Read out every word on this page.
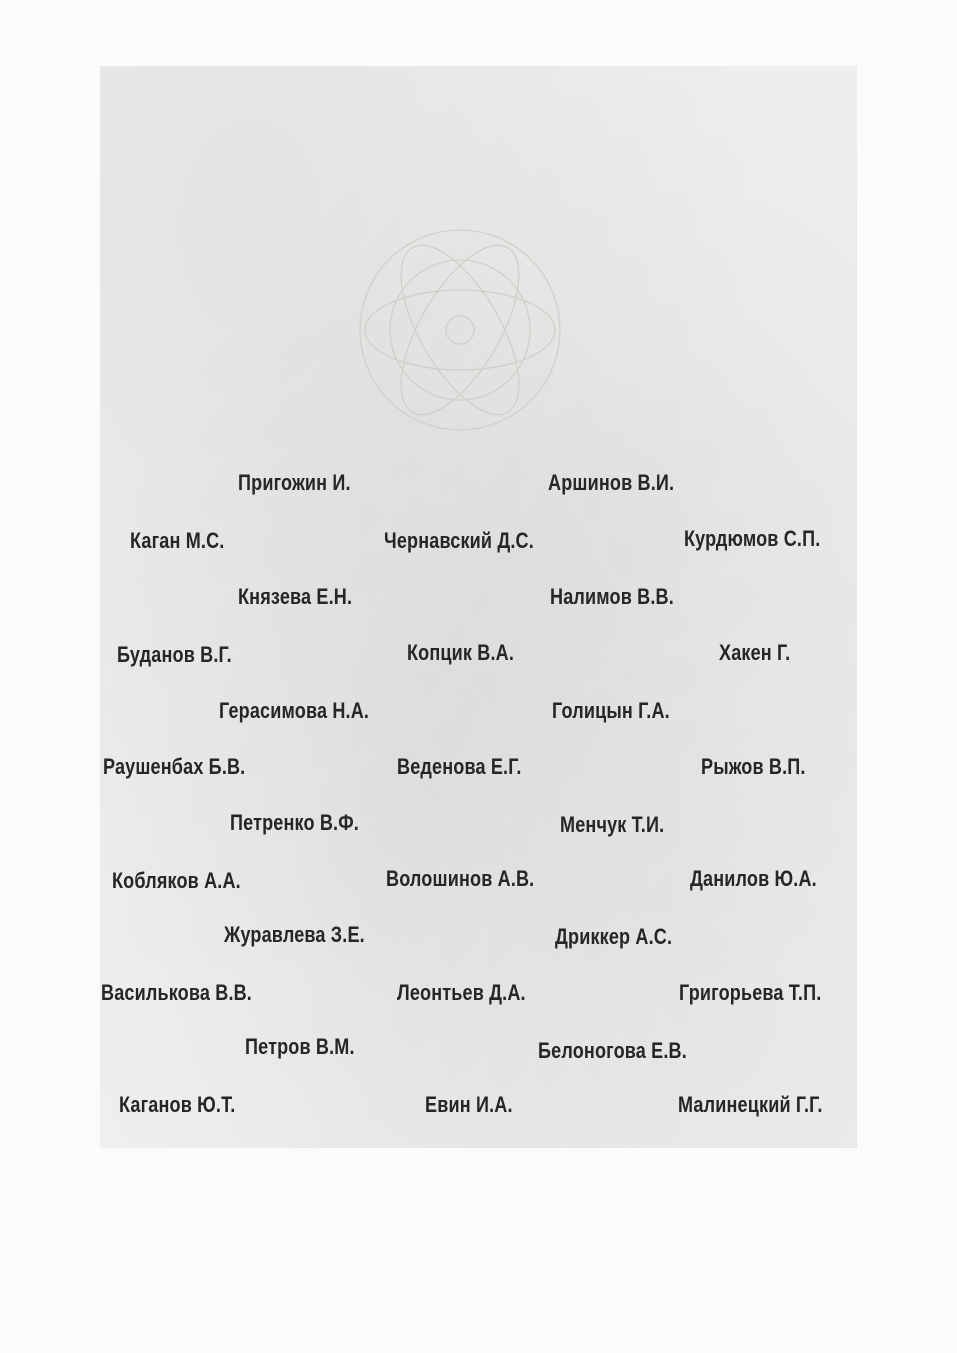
Пригожин И.	Аршинов В.И.
Каган М.С.	Чернавский Д.С.	Курдюмов С.П.
Князева Е.Н.	Налимов В.В.
Буданов В.Г.	Копцик В.А.	Хакен Г.
Герасимова Н.А.	Голицын Г.А.
Раушенбах Б.В.	Веденова Е.Г.	Рыжов В.П.
Петренко В.Ф.	Менчук Т.И.
Кобляков А.А.	Волошинов А.В.	Данилов Ю.А.
Журавлева З.Е.	Дриккер А.С.
Василькова В.В.	Леонтьев Д.А.	Григорьева Т.П.
Петров В.М.	Белоногова Е.В.
Каганов Ю.Т.	Евин И.А.	Малинецкий Г.Г.
